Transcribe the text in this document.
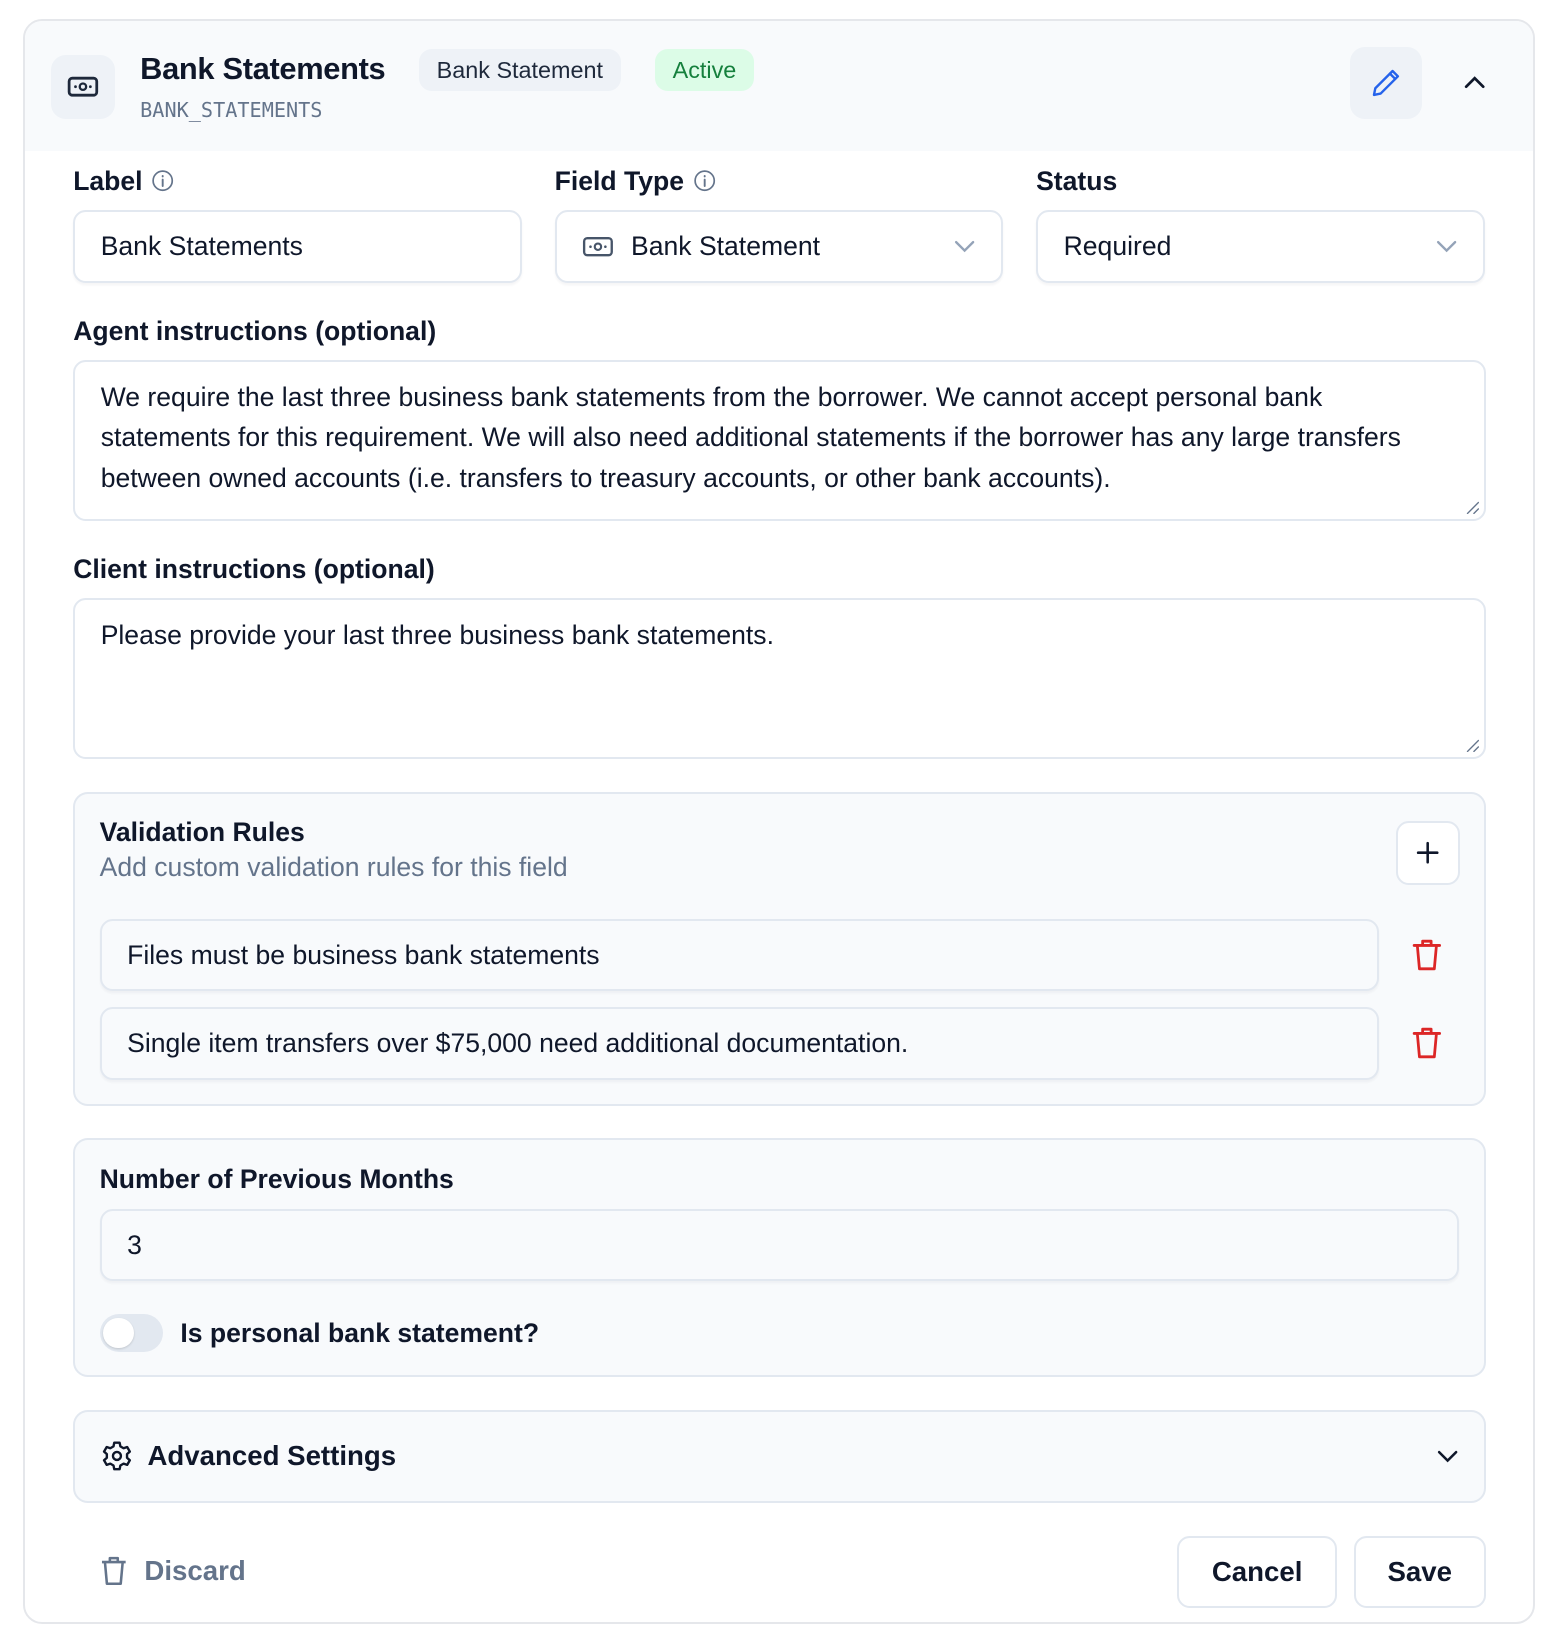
Bank Statements	Bank Statement	Active
BANK_STATEMENTS
Label
Bank Statements
Field Type
Bank Statement
Status
Required
Agent instructions (optional)
We require the last three business bank statements from the borrower. We cannot accept personal bank statements for this requirement. We will also need additional statements if the borrower has any large transfers between owned accounts (i.e. transfers to treasury accounts, or other bank accounts).
Client instructions (optional)
Please provide your last three business bank statements.
Validation Rules
Add custom validation rules for this field
Files must be business bank statements
Single item transfers over $75,000 need additional documentation.
Number of Previous Months
3
Is personal bank statement?
Advanced Settings
Discard	Cancel	Save
